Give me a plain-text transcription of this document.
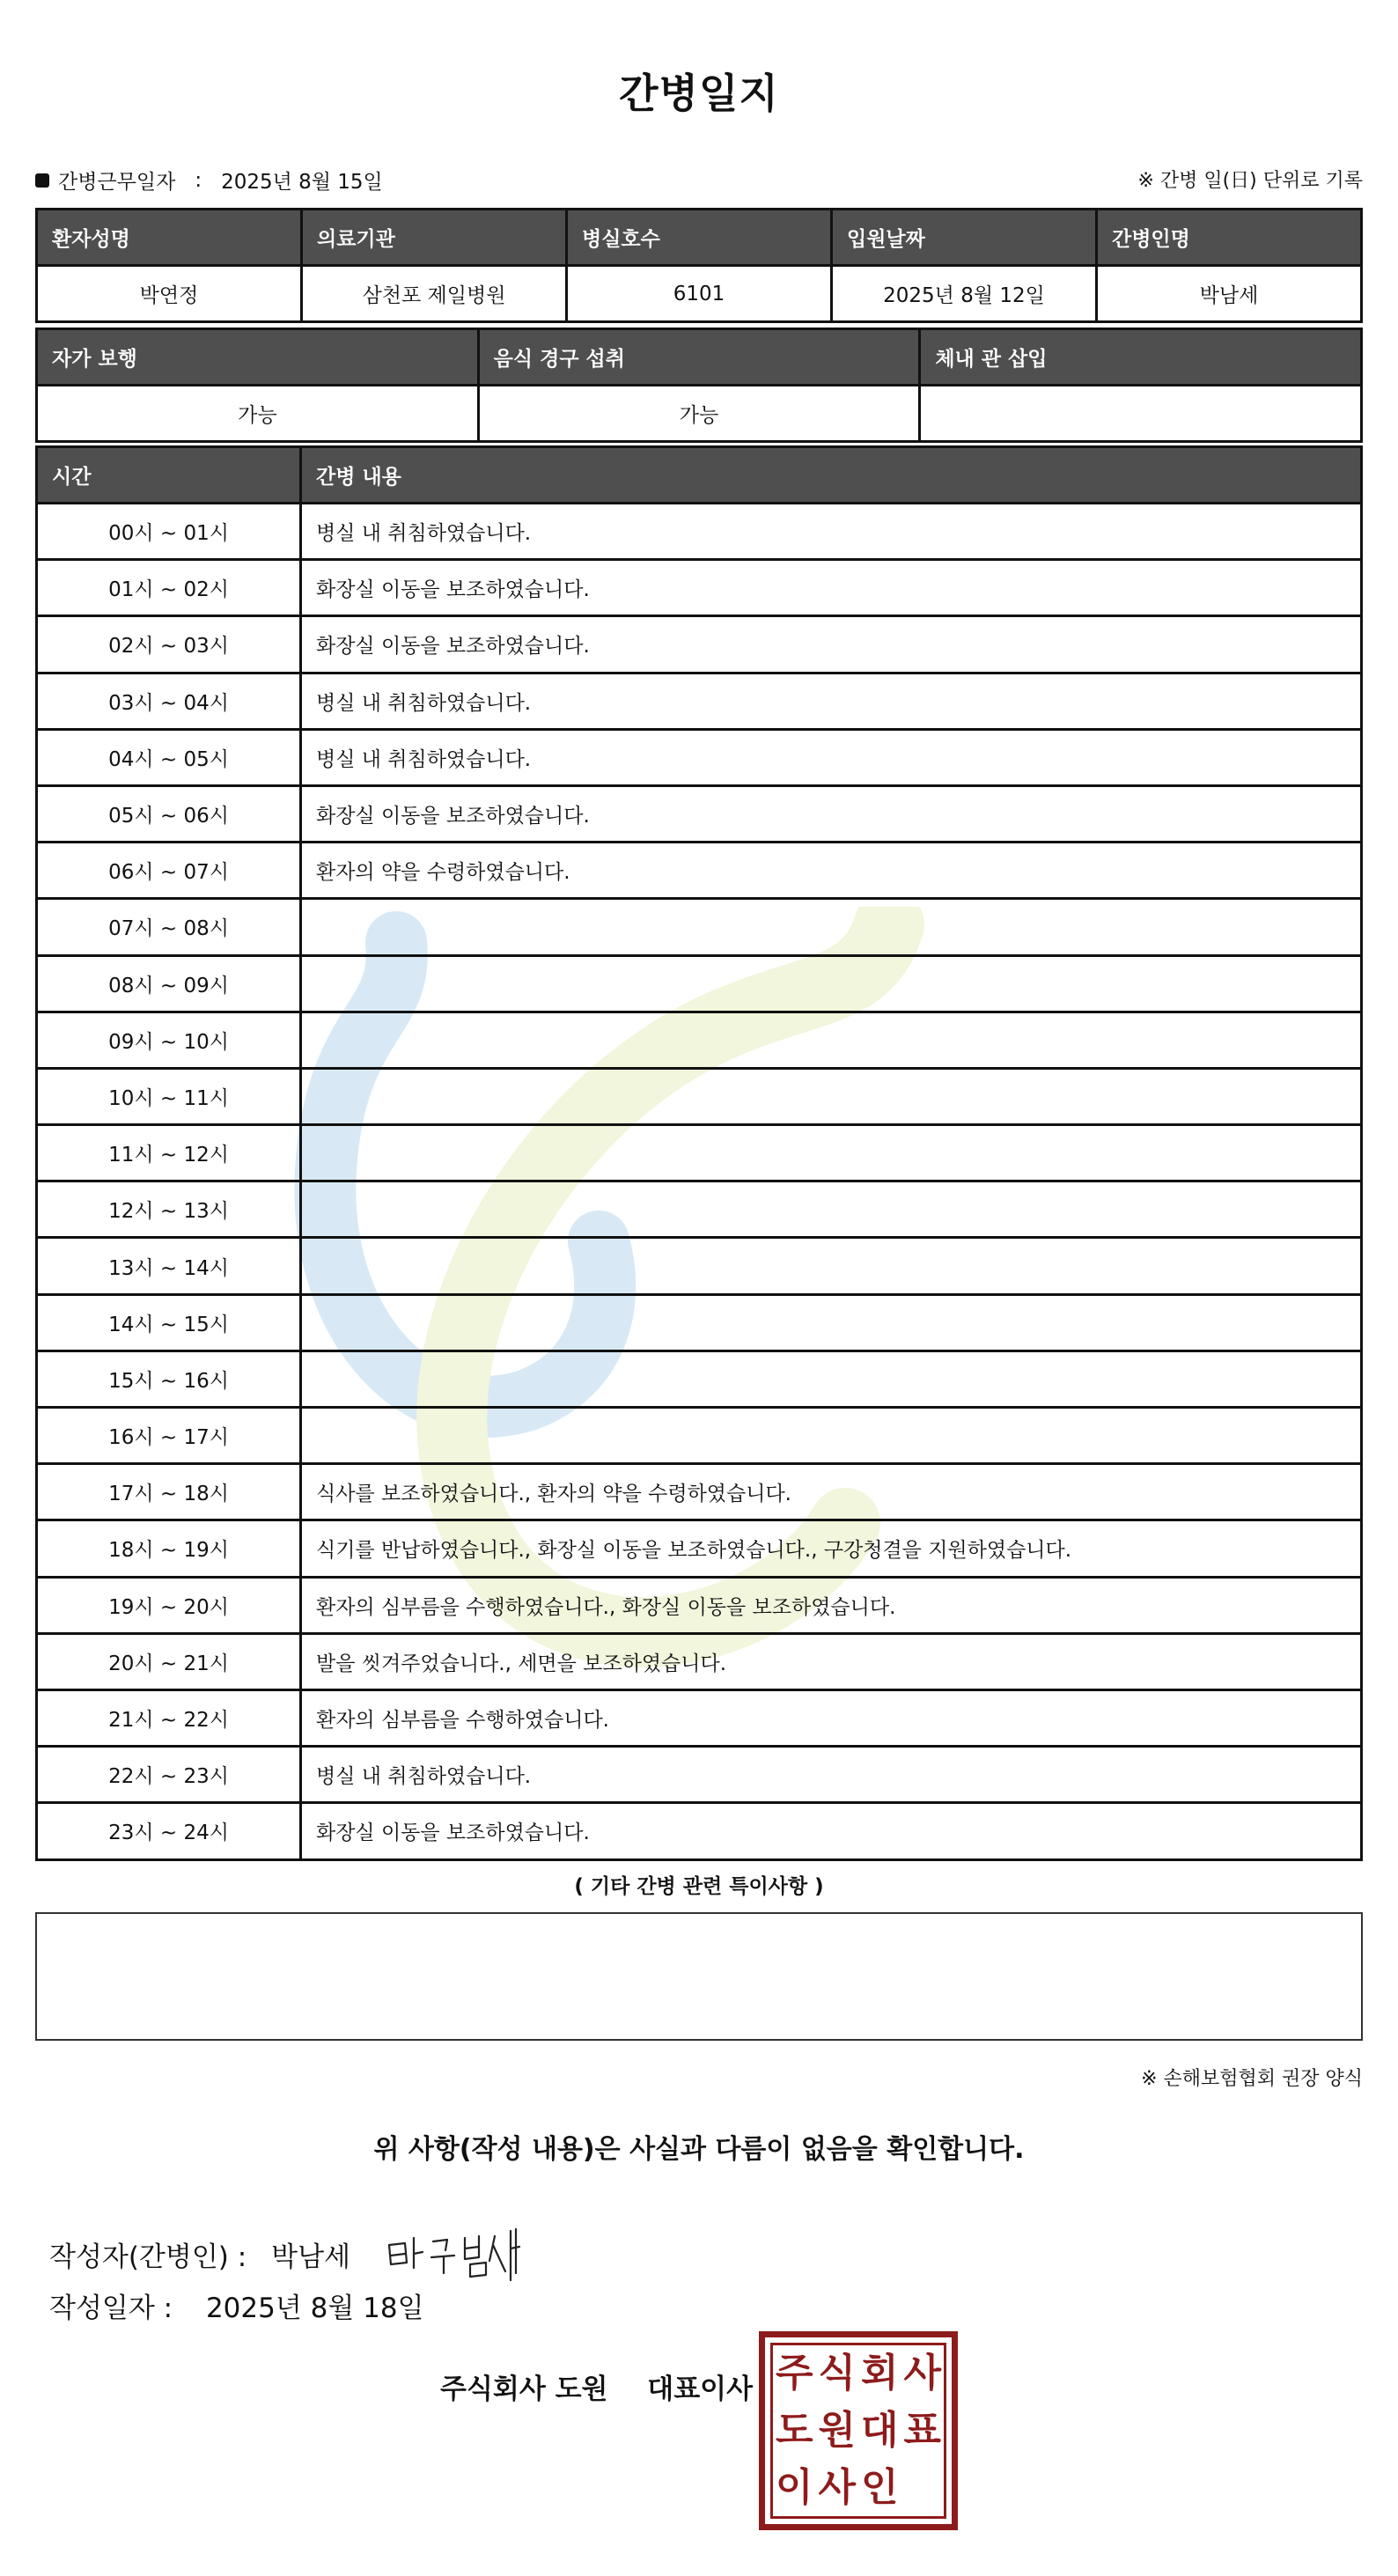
간병일지
간병근무일자 : 2025년 8월 15일	※ 간병 일(日) 단위로 기록
환자성명	의료기관	병실호수	입원날짜	간병인명
박연정	삼천포 제일병원	6101	2025년 8월 12일	박남세
자가 보행	음식 경구 섭취	체내 관 삽입
가능	가능	
시간	간병 내용
00시 ~ 01시	병실 내 취침하였습니다.
01시 ~ 02시	화장실 이동을 보조하였습니다.
02시 ~ 03시	화장실 이동을 보조하였습니다.
03시 ~ 04시	병실 내 취침하였습니다.
04시 ~ 05시	병실 내 취침하였습니다.
05시 ~ 06시	화장실 이동을 보조하였습니다.
06시 ~ 07시	환자의 약을 수령하였습니다.
07시 ~ 08시	
08시 ~ 09시	
09시 ~ 10시	
10시 ~ 11시	
11시 ~ 12시	
12시 ~ 13시	
13시 ~ 14시	
14시 ~ 15시	
15시 ~ 16시	
16시 ~ 17시	
17시 ~ 18시	식사를 보조하였습니다., 환자의 약을 수령하였습니다.
18시 ~ 19시	식기를 반납하였습니다., 화장실 이동을 보조하였습니다., 구강청결을 지원하였습니다.
19시 ~ 20시	환자의 심부름을 수행하였습니다., 화장실 이동을 보조하였습니다.
20시 ~ 21시	발을 씻겨주었습니다., 세면을 보조하였습니다.
21시 ~ 22시	환자의 심부름을 수행하였습니다.
22시 ~ 23시	병실 내 취침하였습니다.
23시 ~ 24시	화장실 이동을 보조하였습니다.
( 기타 간병 관련 특이사항 )
※ 손해보험협회 권장 양식
위 사항(작성 내용)은 사실과 다름이 없음을 확인합니다.
작성자(간병인) : 박남세
작성일자 : 2025년 8월 18일
주식회사 도원 대표이사 주 식 회 사
도 원 대 표
이 사 인
